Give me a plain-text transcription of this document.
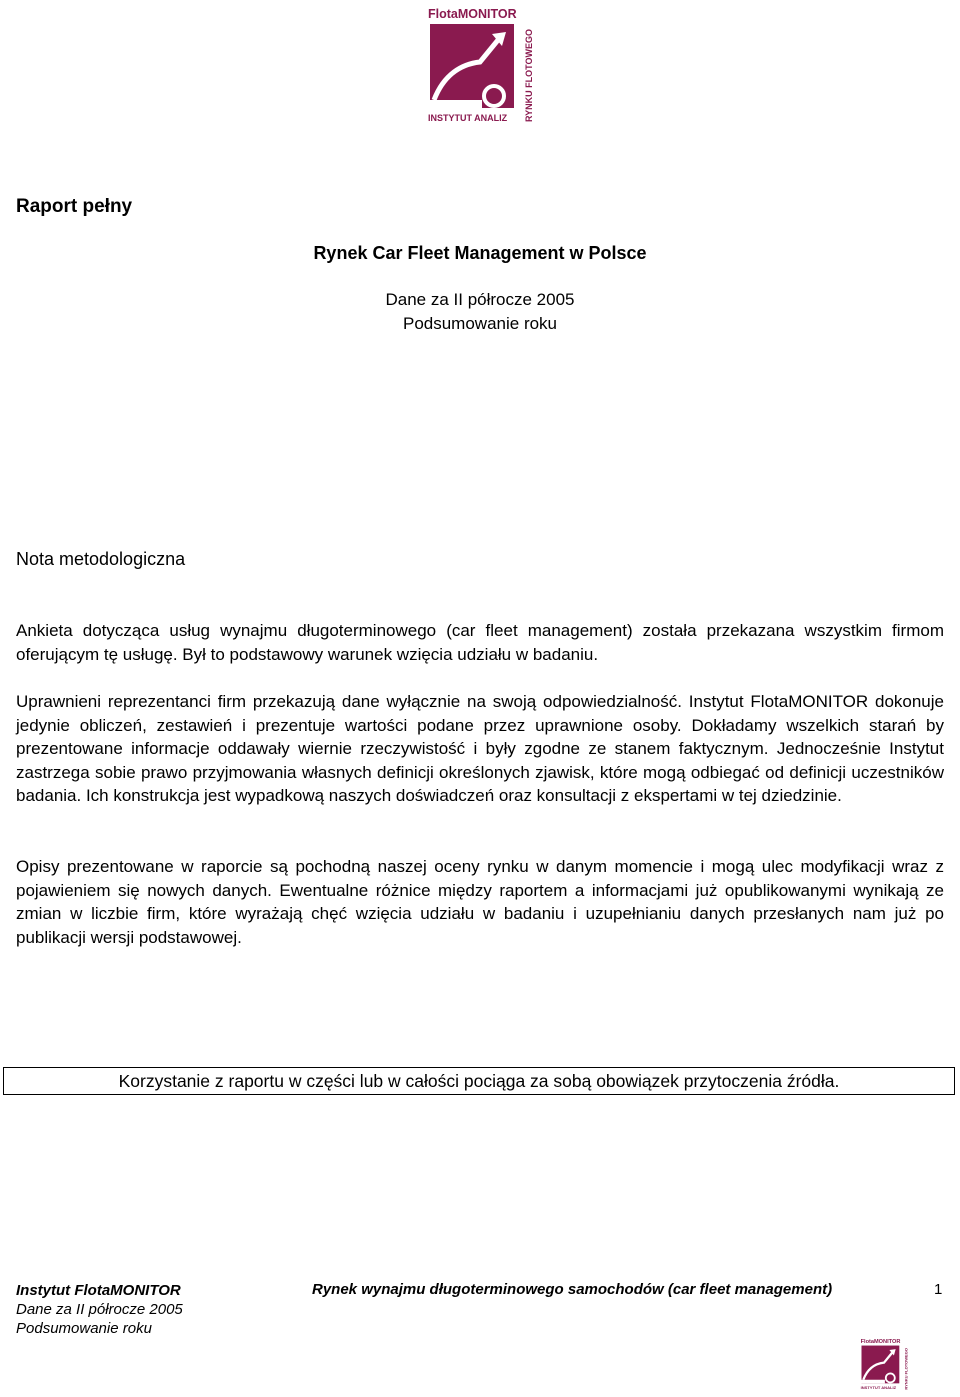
FlotaMONITOR
INSTYTUT ANALIZ RYNKU FLOTOWEGO
Raport pełny
Rynek Car Fleet Management w Polsce
Dane za II półrocze 2005
Podsumowanie roku
Nota metodologiczna

Ankieta dotycząca usług wynajmu długoterminowego (car fleet management) została przekazana wszystkim firmom oferującym tę usługę. Był to podstawowy warunek wzięcia udziału w badaniu.

Uprawnieni reprezentanci firm przekazują dane wyłącznie na swoją odpowiedzialność. Instytut FlotaMONITOR dokonuje jedynie obliczeń, zestawień i prezentuje wartości podane przez uprawnione osoby. Dokładamy wszelkich starań by prezentowane informacje oddawały wiernie rzeczywistość i były zgodne ze stanem faktycznym. Jednocześnie Instytut zastrzega sobie prawo przyjmowania własnych definicji określonych zjawisk, które mogą odbiegać od definicji uczestników badania. Ich konstrukcja jest wypadkową naszych doświadczeń oraz konsultacji z ekspertami w tej dziedzinie.

Opisy prezentowane w raporcie są pochodną naszej oceny rynku w danym momencie i mogą ulec modyfikacji wraz z pojawieniem się nowych danych. Ewentualne różnice między raportem a informacjami już opublikowanymi wynikają ze zmian w liczbie firm, które wyrażają chęć wzięcia udziału w badaniu i uzupełnianiu danych przesłanych nam już po publikacji wersji podstawowej.

Korzystanie z raportu w części lub w całości pociąga za sobą obowiązek przytoczenia źródła.
Instytut FlotaMONITOR
Dane za II półrocze 2005
Podsumowanie roku
Rynek wynajmu długoterminowego samochodów (car fleet management)	1
FlotaMONITOR
INSTYTUT ANALIZ RYNKU FLOTOWEGO
